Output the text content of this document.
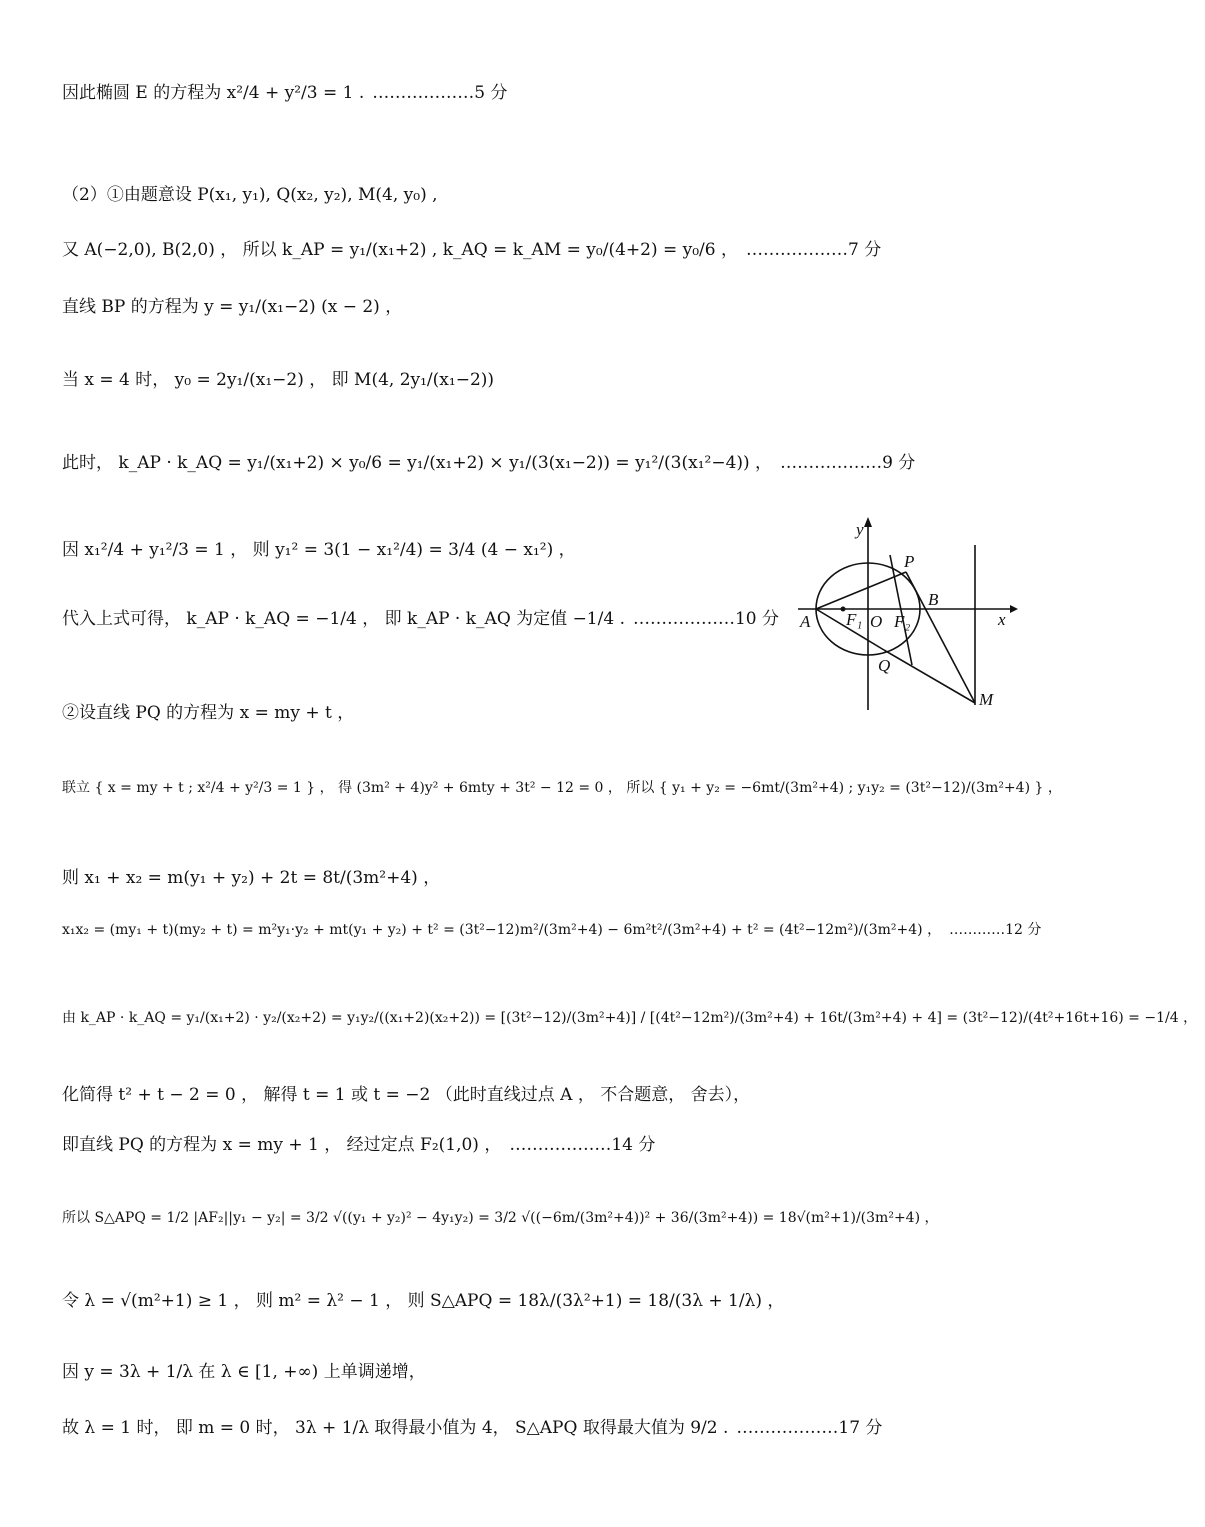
因此椭圆 E 的方程为 x²/4 + y²/3 = 1 . ………………5 分
（2）①由题意设 P(x₁, y₁), Q(x₂, y₂), M(4, y₀) ,
又 A(−2,0), B(2,0) ， 所以 k_AP = y₁/(x₁+2) , k_AQ = k_AM = y₀/(4+2) = y₀/6 ， ………………7 分
直线 BP 的方程为 y = y₁/(x₁−2) (x − 2) ，
当 x = 4 时， y₀ = 2y₁/(x₁−2) ， 即 M(4, 2y₁/(x₁−2))
此时， k_AP · k_AQ = y₁/(x₁+2) × y₀/6 = y₁/(x₁+2) × y₁/(3(x₁−2)) = y₁²/(3(x₁²−4)) ， ………………9 分
因 x₁²/4 + y₁²/3 = 1 ， 则 y₁² = 3(1 − x₁²/4) = 3/4 (4 − x₁²) ，
代入上式可得， k_AP · k_AQ = −1/4 ， 即 k_AP · k_AQ 为定值 −1/4 . ………………10 分
②设直线 PQ 的方程为 x = my + t ，
联立 { x = my + t ; x²/4 + y²/3 = 1 } ， 得 (3m² + 4)y² + 6mty + 3t² − 12 = 0 ， 所以 { y₁ + y₂ = −6mt/(3m²+4) ; y₁y₂ = (3t²−12)/(3m²+4) } ，
则 x₁ + x₂ = m(y₁ + y₂) + 2t = 8t/(3m²+4) ，
x₁x₂ = (my₁ + t)(my₂ + t) = m²y₁·y₂ + mt(y₁ + y₂) + t² = (3t²−12)m²/(3m²+4) − 6m²t²/(3m²+4) + t² = (4t²−12m²)/(3m²+4) ， …………12 分
由 k_AP · k_AQ = y₁/(x₁+2) · y₂/(x₂+2) = y₁y₂/((x₁+2)(x₂+2)) = [(3t²−12)/(3m²+4)] / [(4t²−12m²)/(3m²+4) + 16t/(3m²+4) + 4] = (3t²−12)/(4t²+16t+16) = −1/4 ，
化简得 t² + t − 2 = 0 ， 解得 t = 1 或 t = −2 （此时直线过点 A ， 不合题意， 舍去），
即直线 PQ 的方程为 x = my + 1 ， 经过定点 F₂(1,0) ， ………………14 分
所以 S△APQ = 1/2 |AF₂||y₁ − y₂| = 3/2 √((y₁ + y₂)² − 4y₁y₂) = 3/2 √((−6m/(3m²+4))² + 36/(3m²+4)) = 18√(m²+1)/(3m²+4) ，
令 λ = √(m²+1) ≥ 1 ， 则 m² = λ² − 1 ， 则 S△APQ = 18λ/(3λ²+1) = 18/(3λ + 1/λ) ，
因 y = 3λ + 1/λ 在 λ ∈ [1, +∞) 上单调递增，
故 λ = 1 时， 即 m = 0 时， 3λ + 1/λ 取得最小值为 4， S△APQ 取得最大值为 9/2 . ………………17 分
y
x
A
B
P
Q
M
O
F₁ F₂
